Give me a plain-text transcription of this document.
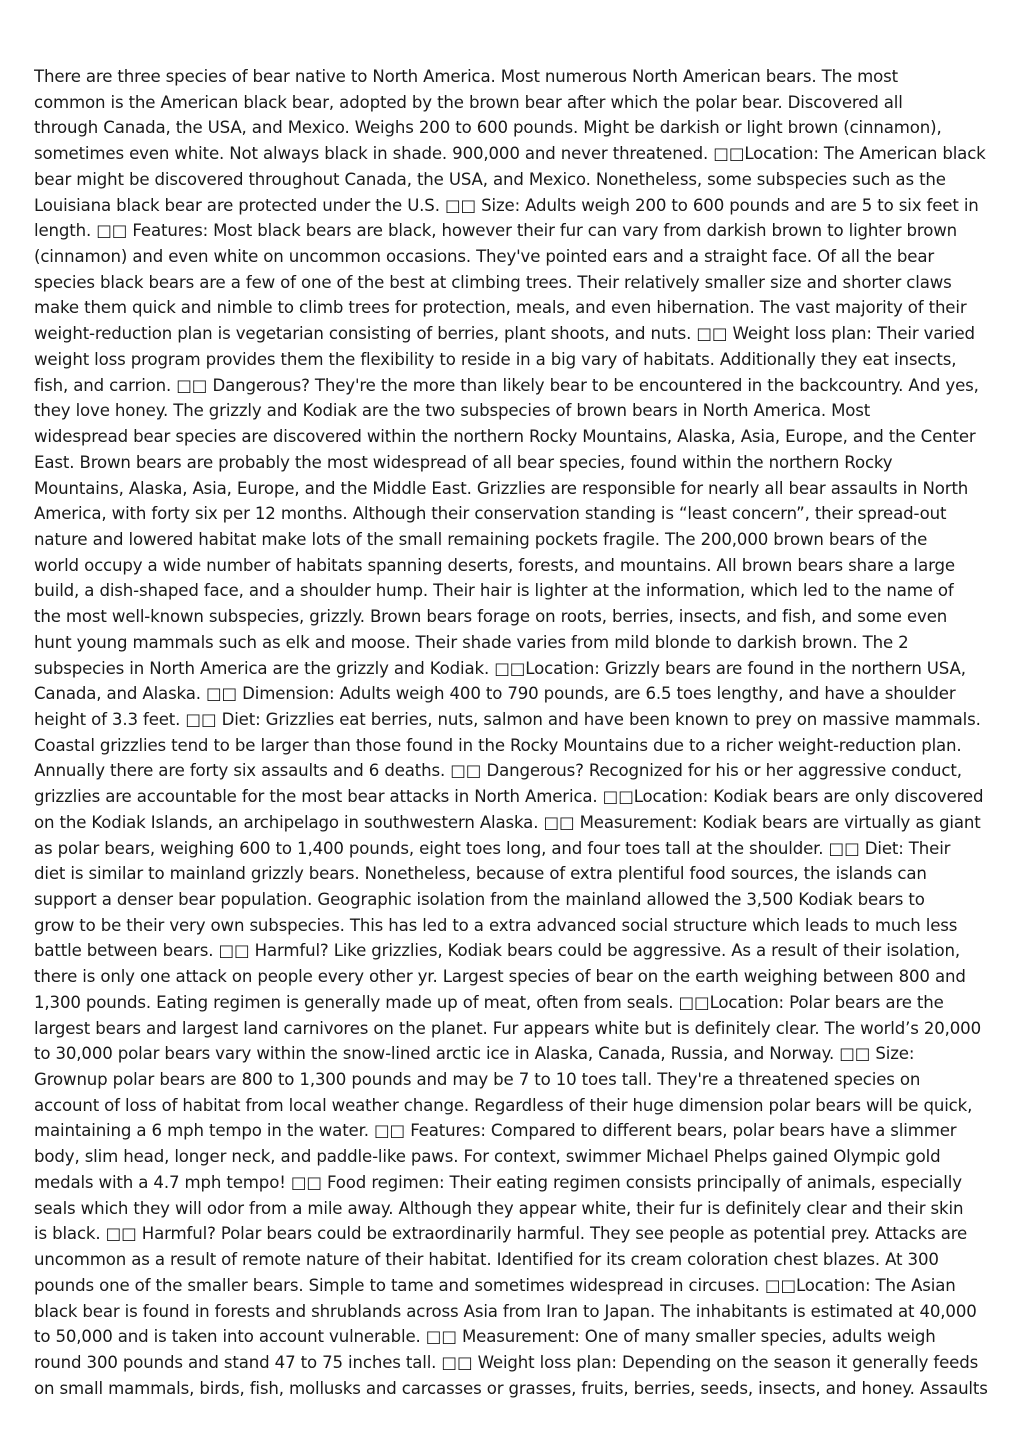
There are three species of bear native to North America. Most numerous North American bears. The most
common is the American black bear, adopted by the brown bear after which the polar bear. Discovered all
through Canada, the USA, and Mexico. Weighs 200 to 600 pounds. Might be darkish or light brown (cinnamon),
sometimes even white. Not always black in shade. 900,000 and never threatened. □□Location: The American black
bear might be discovered throughout Canada, the USA, and Mexico. Nonetheless, some subspecies such as the
Louisiana black bear are protected under the U.S. □□ Size: Adults weigh 200 to 600 pounds and are 5 to six feet in
length. □□ Features: Most black bears are black, however their fur can vary from darkish brown to lighter brown
(cinnamon) and even white on uncommon occasions. They've pointed ears and a straight face. Of all the bear
species black bears are a few of one of the best at climbing trees. Their relatively smaller size and shorter claws
make them quick and nimble to climb trees for protection, meals, and even hibernation. The vast majority of their
weight-reduction plan is vegetarian consisting of berries, plant shoots, and nuts. □□ Weight loss plan: Their varied
weight loss program provides them the flexibility to reside in a big vary of habitats. Additionally they eat insects,
fish, and carrion. □□ Dangerous? They're the more than likely bear to be encountered in the backcountry. And yes,
they love honey. The grizzly and Kodiak are the two subspecies of brown bears in North America. Most
widespread bear species are discovered within the northern Rocky Mountains, Alaska, Asia, Europe, and the Center
East. Brown bears are probably the most widespread of all bear species, found within the northern Rocky
Mountains, Alaska, Asia, Europe, and the Middle East. Grizzlies are responsible for nearly all bear assaults in North
America, with forty six per 12 months. Although their conservation standing is “least concern”, their spread-out
nature and lowered habitat make lots of the small remaining pockets fragile. The 200,000 brown bears of the
world occupy a wide number of habitats spanning deserts, forests, and mountains. All brown bears share a large
build, a dish-shaped face, and a shoulder hump. Their hair is lighter at the information, which led to the name of
the most well-known subspecies, grizzly. Brown bears forage on roots, berries, insects, and fish, and some even
hunt young mammals such as elk and moose. Their shade varies from mild blonde to darkish brown. The 2
subspecies in North America are the grizzly and Kodiak. □□Location: Grizzly bears are found in the northern USA,
Canada, and Alaska. □□ Dimension: Adults weigh 400 to 790 pounds, are 6.5 toes lengthy, and have a shoulder
height of 3.3 feet. □□ Diet: Grizzlies eat berries, nuts, salmon and have been known to prey on massive mammals.
Coastal grizzlies tend to be larger than those found in the Rocky Mountains due to a richer weight-reduction plan.
Annually there are forty six assaults and 6 deaths. □□ Dangerous? Recognized for his or her aggressive conduct,
grizzlies are accountable for the most bear attacks in North America. □□Location: Kodiak bears are only discovered
on the Kodiak Islands, an archipelago in southwestern Alaska. □□ Measurement: Kodiak bears are virtually as giant
as polar bears, weighing 600 to 1,400 pounds, eight toes long, and four toes tall at the shoulder. □□ Diet: Their
diet is similar to mainland grizzly bears. Nonetheless, because of extra plentiful food sources, the islands can
support a denser bear population. Geographic isolation from the mainland allowed the 3,500 Kodiak bears to
grow to be their very own subspecies. This has led to a extra advanced social structure which leads to much less
battle between bears. □□ Harmful? Like grizzlies, Kodiak bears could be aggressive. As a result of their isolation,
there is only one attack on people every other yr. Largest species of bear on the earth weighing between 800 and
1,300 pounds. Eating regimen is generally made up of meat, often from seals. □□Location: Polar bears are the
largest bears and largest land carnivores on the planet. Fur appears white but is definitely clear. The world’s 20,000
to 30,000 polar bears vary within the snow-lined arctic ice in Alaska, Canada, Russia, and Norway. □□ Size:
Grownup polar bears are 800 to 1,300 pounds and may be 7 to 10 toes tall. They're a threatened species on
account of loss of habitat from local weather change. Regardless of their huge dimension polar bears will be quick,
maintaining a 6 mph tempo in the water. □□ Features: Compared to different bears, polar bears have a slimmer
body, slim head, longer neck, and paddle-like paws. For context, swimmer Michael Phelps gained Olympic gold
medals with a 4.7 mph tempo! □□ Food regimen: Their eating regimen consists principally of animals, especially
seals which they will odor from a mile away. Although they appear white, their fur is definitely clear and their skin
is black. □□ Harmful? Polar bears could be extraordinarily harmful. They see people as potential prey. Attacks are
uncommon as a result of remote nature of their habitat. Identified for its cream coloration chest blazes. At 300
pounds one of the smaller bears. Simple to tame and sometimes widespread in circuses. □□Location: The Asian
black bear is found in forests and shrublands across Asia from Iran to Japan. The inhabitants is estimated at 40,000
to 50,000 and is taken into account vulnerable. □□ Measurement: One of many smaller species, adults weigh
round 300 pounds and stand 47 to 75 inches tall. □□ Weight loss plan: Depending on the season it generally feeds
on small mammals, birds, fish, mollusks and carcasses or grasses, fruits, berries, seeds, insects, and honey. Assaults
